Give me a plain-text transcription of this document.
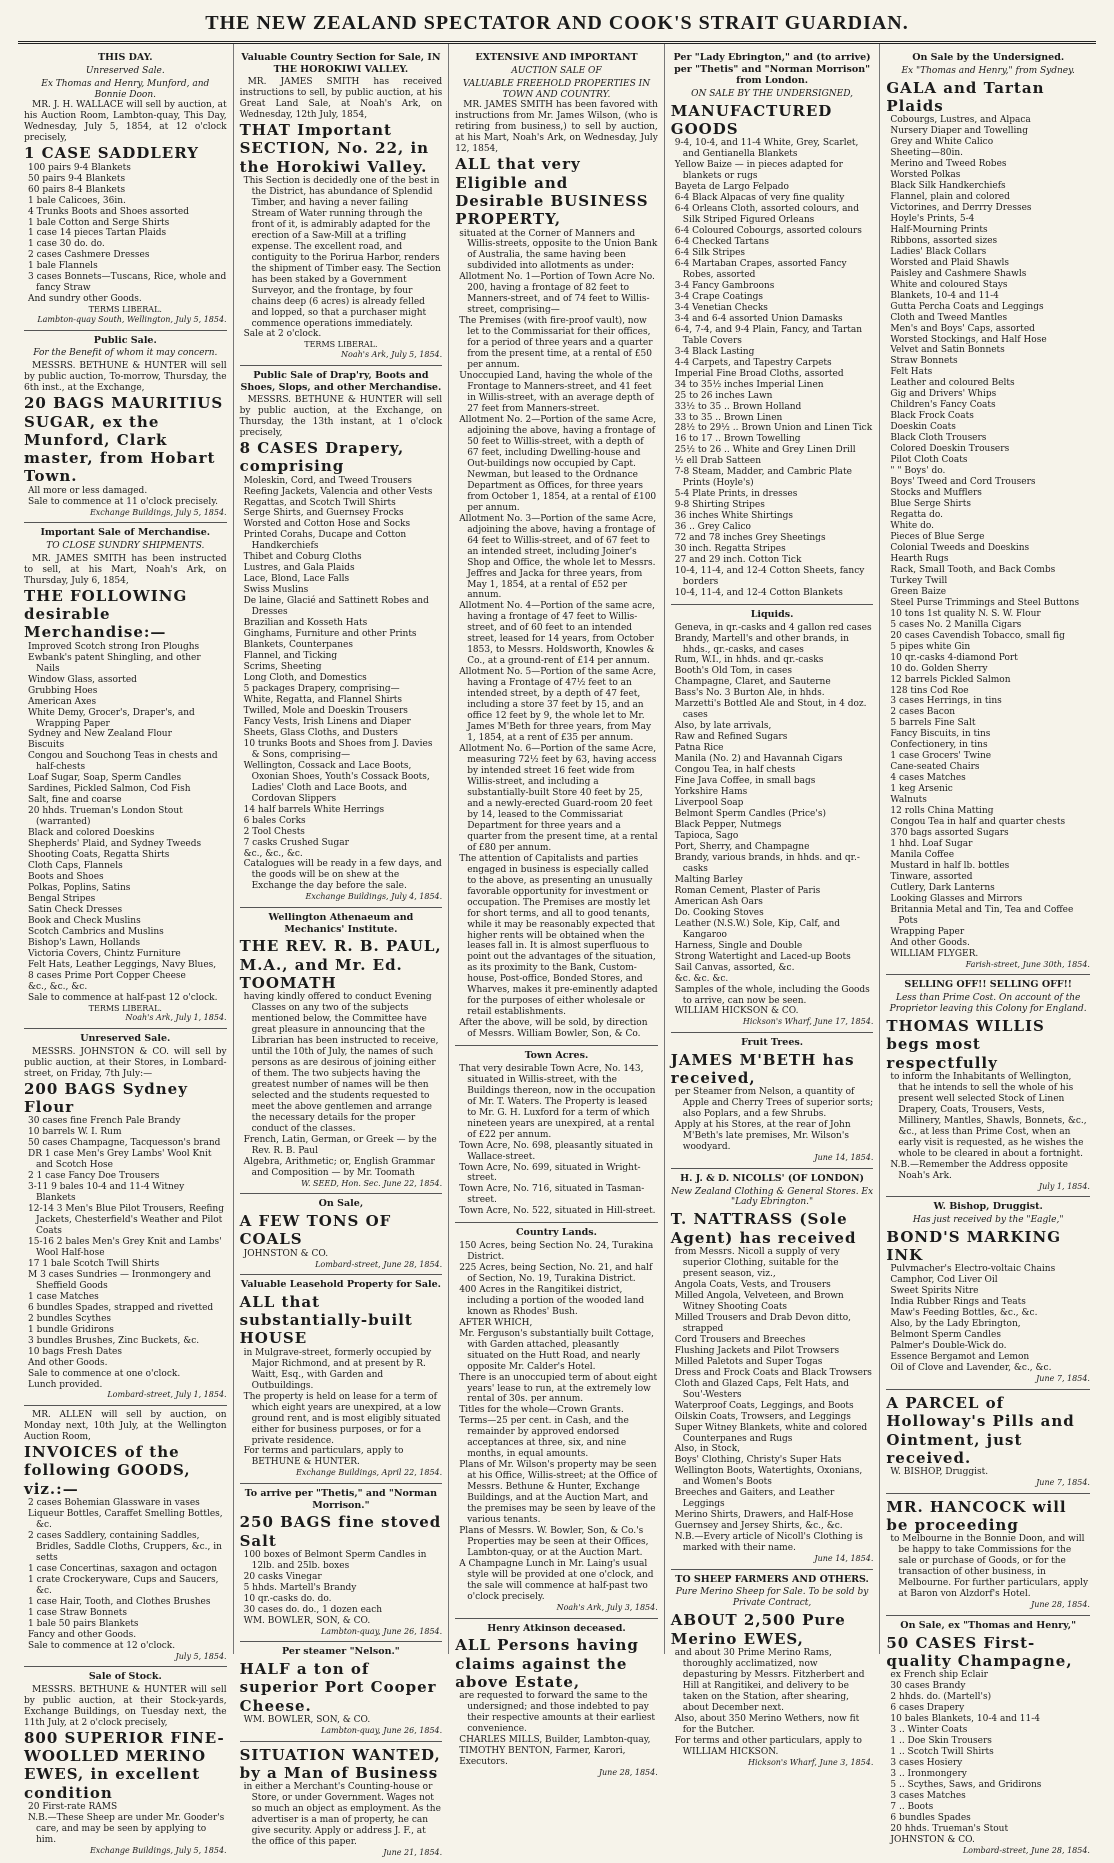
THE NEW ZEALAND SPECTATOR AND COOK'S STRAIT GUARDIAN.
THIS DAY.
Unreserved Sale.
Ex Thomas and Henry, Munford, and Bonnie Doon.
MR. J. H. WALLACE will sell by auction, at his Auction Room, Lambton-quay, This Day, Wednesday, July 5, 1854, at 12 o'clock precisely,
1 CASE SADDLERY
100 pairs 9-4 Blankets
50 pairs 9-4 Blankets
60 pairs 8-4 Blankets
1 bale Calicoes, 36in.
4 Trunks Boots and Shoes assorted
1 bale Cotton and Serge Shirts
1 case 14 pieces Tartan Plaids
1 case 30 do. do.
2 cases Cashmere Dresses
1 bale Flannels
3 cases Bonnets—Tuscans, Rice, whole and fancy Straw
And sundry other Goods.
TERMS LIBERAL.
Lambton-quay South, Wellington, July 5, 1854.
Public Sale.
For the Benefit of whom it may concern.
MESSRS. BETHUNE & HUNTER will sell by public auction, To-morrow, Thursday, the 6th inst., at the Exchange,
20 BAGS MAURITIUS SUGAR, ex the Munford, Clark master, from Hobart Town.
All more or less damaged.
Sale to commence at 11 o'clock precisely.
Exchange Buildings, July 5, 1854.
Important Sale of Merchandise.
TO CLOSE SUNDRY SHIPMENTS.
MR. JAMES SMITH has been instructed to sell, at his Mart, Noah's Ark, on Thursday, July 6, 1854,
THE FOLLOWING desirable Merchandise:—
Improved Scotch strong Iron Ploughs
Ewbank's patent Shingling, and other Nails
Window Glass, assorted
Grubbing Hoes
American Axes
White Demy, Grocer's, Draper's, and Wrapping Paper
Sydney and New Zealand Flour
Biscuits
Congou and Souchong Teas in chests and half-chests
Loaf Sugar, Soap, Sperm Candles
Sardines, Pickled Salmon, Cod Fish
Salt, fine and coarse
20 hhds. Trueman's London Stout (warranted)
Black and colored Doeskins
Shepherds' Plaid, and Sydney Tweeds
Shooting Coats, Regatta Shirts
Cloth Caps, Flannels
Boots and Shoes
Polkas, Poplins, Satins
Bengal Stripes
Satin Check Dresses
Book and Check Muslins
Scotch Cambrics and Muslins
Bishop's Lawn, Hollands
Victoria Covers, Chintz Furniture
Felt Hats, Leather Leggings, Navy Blues,
8 cases Prime Port Copper Cheese
&c., &c., &c.
Sale to commence at half-past 12 o'clock.
TERMS LIBERAL.
Noah's Ark, July 1, 1854.
Unreserved Sale.
MESSRS. JOHNSTON & CO. will sell by public auction, at their Stores, in Lombard-street, on Friday, 7th July:—
200 BAGS Sydney Flour
30 cases fine French Pale Brandy
10 barrels W. I. Rum
50 cases Champagne, Tacquesson's brand
DR 1 case Men's Grey Lambs' Wool Knit and Scotch Hose
2 1 case Fancy Doe Trousers
3-11 9 bales 10-4 and 11-4 Witney Blankets
12-14 3 Men's Blue Pilot Trousers, Reefing Jackets, Chesterfield's Weather and Pilot Coats
15-16 2 bales Men's Grey Knit and Lambs' Wool Half-hose
17 1 bale Scotch Twill Shirts
M 3 cases Sundries — Ironmongery and Sheffield Goods
1 case Matches
6 bundles Spades, strapped and rivetted
2 bundles Scythes
1 bundle Gridirons
3 bundles Brushes, Zinc Buckets, &c.
10 bags Fresh Dates
And other Goods.
Sale to commence at one o'clock.
Lunch provided.
Lombard-street, July 1, 1854.
MR. ALLEN will sell by auction, on Monday next, 10th July, at the Wellington Auction Room,
INVOICES of the following GOODS, viz.:—
2 cases Bohemian Glassware in vases
Liqueur Bottles, Caraffet Smelling Bottles, &c.
2 cases Saddlery, containing Saddles, Bridles, Saddle Cloths, Cruppers, &c., in setts
1 case Concertinas, saxagon and octagon
1 crate Crockeryware, Cups and Saucers, &c.
1 case Hair, Tooth, and Clothes Brushes
1 case Straw Bonnets
1 bale 50 pairs Blankets
Fancy and other Goods.
Sale to commence at 12 o'clock.
July 5, 1854.
Sale of Stock.
MESSRS. BETHUNE & HUNTER will sell by public auction, at their Stock-yards, Exchange Buildings, on Tuesday next, the 11th July, at 2 o'clock precisely,
800 SUPERIOR FINE-WOOLLED MERINO EWES, in excellent condition
20 First-rate RAMS
N.B.—These Sheep are under Mr. Gooder's care, and may be seen by applying to him.
Exchange Buildings, July 5, 1854.
Valuable Country Section for Sale, IN THE HOROKIWI VALLEY.
MR. JAMES SMITH has received instructions to sell, by public auction, at his Great Land Sale, at Noah's Ark, on Wednesday, 12th July, 1854,
THAT Important SECTION, No. 22, in the Horokiwi Valley.
This Section is decidedly one of the best in the District, has abundance of Splendid Timber, and having a never failing Stream of Water running through the front of it, is admirably adapted for the erection of a Saw-Mill at a trifling expense. The excellent road, and contiguity to the Porirua Harbor, renders the shipment of Timber easy. The Section has been staked by a Government Surveyor, and the frontage, by four chains deep (6 acres) is already felled and lopped, so that a purchaser might commence operations immediately.
Sale at 2 o'clock.
TERMS LIBERAL.
Noah's Ark, July 5, 1854.
Public Sale of Drap'ry, Boots and Shoes, Slops, and other Merchandise.
MESSRS. BETHUNE & HUNTER will sell by public auction, at the Exchange, on Thursday, the 13th instant, at 1 o'clock precisely,
8 CASES Drapery, comprising
Moleskin, Cord, and Tweed Trousers
Reefing Jackets, Valencia and other Vests
Regattas, and Scotch Twill Shirts
Serge Shirts, and Guernsey Frocks
Worsted and Cotton Hose and Socks
Printed Corahs, Ducape and Cotton Handkerchiefs
Thibet and Coburg Cloths
Lustres, and Gala Plaids
Lace, Blond, Lace Falls
Swiss Muslins
De laine, Glacié and Sattinett Robes and Dresses
Brazilian and Kosseth Hats
Ginghams, Furniture and other Prints
Blankets, Counterpanes
Flannel, and Ticking
Scrims, Sheeting
Long Cloth, and Domestics
5 packages Drapery, comprising—
White, Regatta, and Flannel Shirts
Twilled, Mole and Doeskin Trousers
Fancy Vests, Irish Linens and Diaper
Sheets, Glass Cloths, and Dusters
10 trunks Boots and Shoes from J. Davies & Sons, comprising—
Wellington, Cossack and Lace Boots, Oxonian Shoes, Youth's Cossack Boots, Ladies' Cloth and Lace Boots, and Cordovan Slippers
14 half barrels White Herrings
6 bales Corks
2 Tool Chests
7 casks Crushed Sugar
&c., &c., &c.
Catalogues will be ready in a few days, and the goods will be on shew at the Exchange the day before the sale.
Exchange Buildings, July 4, 1854.
Wellington Athenaeum and Mechanics' Institute.
THE REV. R. B. PAUL, M.A., and Mr. Ed. TOOMATH
having kindly offered to conduct Evening Classes on any two of the subjects mentioned below, the Committee have great pleasure in announcing that the Librarian has been instructed to receive, until the 10th of July, the names of such persons as are desirous of joining either of them. The two subjects having the greatest number of names will be then selected and the students requested to meet the above gentlemen and arrange the necessary details for the proper conduct of the classes.
French, Latin, German, or Greek — by the Rev. R. B. Paul
Algebra, Arithmetic; or, English Grammar and Composition — by Mr. Toomath
W. SEED, Hon. Sec. June 22, 1854.
On Sale,
A FEW TONS OF COALS
JOHNSTON & CO.
Lombard-street, June 28, 1854.
Valuable Leasehold Property for Sale.
ALL that substantially-built HOUSE
in Mulgrave-street, formerly occupied by Major Richmond, and at present by R. Waitt, Esq., with Garden and Outbuildings.
The property is held on lease for a term of which eight years are unexpired, at a low ground rent, and is most eligibly situated either for business purposes, or for a private residence.
For terms and particulars, apply to BETHUNE & HUNTER.
Exchange Buildings, April 22, 1854.
To arrive per "Thetis," and "Norman Morrison."
250 BAGS fine stoved Salt
100 boxes of Belmont Sperm Candles in 12lb. and 25lb. boxes
20 casks Vinegar
5 hhds. Martell's Brandy
10 qr.-casks do. do.
30 cases do. do., 1 dozen each
WM. BOWLER, SON, & CO.
Lambton-quay, June 26, 1854.
Per steamer "Nelson."
HALF a ton of superior Port Cooper Cheese.
WM. BOWLER, SON, & CO.
Lambton-quay, June 26, 1854.
SITUATION WANTED, by a Man of Business
in either a Merchant's Counting-house or Store, or under Government. Wages not so much an object as employment. As the advertiser is a man of property, he can give security. Apply or address J. F., at the office of this paper.
June 21, 1854.
EXTENSIVE AND IMPORTANT
AUCTION SALE OF
VALUABLE FREEHOLD PROPERTIES IN TOWN AND COUNTRY.
MR. JAMES SMITH has been favored with instructions from Mr. James Wilson, (who is retiring from business,) to sell by auction, at his Mart, Noah's Ark, on Wednesday, July 12, 1854,
ALL that very Eligible and Desirable BUSINESS PROPERTY,
situated at the Corner of Manners and Willis-streets, opposite to the Union Bank of Australia, the same having been subdivided into allotments as under:
Allotment No. 1—Portion of Town Acre No. 200, having a frontage of 82 feet to Manners-street, and of 74 feet to Willis-street, comprising—
The Premises (with fire-proof vault), now let to the Commissariat for their offices, for a period of three years and a quarter from the present time, at a rental of £50 per annum.
Unoccupied Land, having the whole of the Frontage to Manners-street, and 41 feet in Willis-street, with an average depth of 27 feet from Manners-street.
Allotment No. 2—Portion of the same Acre, adjoining the above, having a frontage of 50 feet to Willis-street, with a depth of 67 feet, including Dwelling-house and Out-buildings now occupied by Capt. Newman, but leased to the Ordnance Department as Offices, for three years from October 1, 1854, at a rental of £100 per annum.
Allotment No. 3—Portion of the same Acre, adjoining the above, having a frontage of 64 feet to Willis-street, and of 67 feet to an intended street, including Joiner's Shop and Office, the whole let to Messrs. Jeffres and Jacka for three years, from May 1, 1854, at a rental of £52 per annum.
Allotment No. 4—Portion of the same acre, having a frontage of 47 feet to Willis-street, and of 60 feet to an intended street, leased for 14 years, from October 1853, to Messrs. Holdsworth, Knowles & Co., at a ground-rent of £14 per annum.
Allotment No. 5—Portion of the same Acre, having a Frontage of 47½ feet to an intended street, by a depth of 47 feet, including a store 37 feet by 15, and an office 12 feet by 9, the whole let to Mr. James M'Beth for three years, from May 1, 1854, at a rent of £35 per annum.
Allotment No. 6—Portion of the same Acre, measuring 72½ feet by 63, having access by intended street 16 feet wide from Willis-street, and including a substantially-built Store 40 feet by 25, and a newly-erected Guard-room 20 feet by 14, leased to the Commissariat Department for three years and a quarter from the present time, at a rental of £80 per annum.
The attention of Capitalists and parties engaged in business is especially called to the above, as presenting an unusually favorable opportunity for investment or occupation. The Premises are mostly let for short terms, and all to good tenants, while it may be reasonably expected that higher rents will be obtained when the leases fall in. It is almost superfluous to point out the advantages of the situation, as its proximity to the Bank, Custom-house, Post-office, Bonded Stores, and Wharves, makes it pre-eminently adapted for the purposes of either wholesale or retail establishments.
After the above, will be sold, by direction of Messrs. William Bowler, Son, & Co.
Town Acres.
That very desirable Town Acre, No. 143, situated in Willis-street, with the Buildings thereon, now in the occupation of Mr. T. Waters. The Property is leased to Mr. G. H. Luxford for a term of which nineteen years are unexpired, at a rental of £22 per annum.
Town Acre, No. 698, pleasantly situated in Wallace-street.
Town Acre, No. 699, situated in Wright-street.
Town Acre, No. 716, situated in Tasman-street.
Town Acre, No. 522, situated in Hill-street.
Country Lands.
150 Acres, being Section No. 24, Turakina District.
225 Acres, being Section, No. 21, and half of Section, No. 19, Turakina District.
400 Acres in the Rangitikei district, including a portion of the wooded land known as Rhodes' Bush.
AFTER WHICH,
Mr. Ferguson's substantially built Cottage, with Garden attached, pleasantly situated on the Hutt Road, and nearly opposite Mr. Calder's Hotel.
There is an unoccupied term of about eight years' lease to run, at the extremely low rental of 30s. per annum.
Titles for the whole—Crown Grants.
Terms—25 per cent. in Cash, and the remainder by approved endorsed acceptances at three, six, and nine months, in equal amounts.
Plans of Mr. Wilson's property may be seen at his Office, Willis-street; at the Office of Messrs. Bethune & Hunter, Exchange Buildings, and at the Auction Mart, and the premises may be seen by leave of the various tenants.
Plans of Messrs. W. Bowler, Son, & Co.'s Properties may be seen at their Offices, Lambton-quay, or at the Auction Mart.
A Champagne Lunch in Mr. Laing's usual style will be provided at one o'clock, and the sale will commence at half-past two o'clock precisely.
Noah's Ark, July 3, 1854.
Henry Atkinson deceased.
ALL Persons having claims against the above Estate,
are requested to forward the same to the undersigned; and those indebted to pay their respective amounts at their earliest convenience.
CHARLES MILLS, Builder, Lambton-quay,
TIMOTHY BENTON, Farmer, Karori,
Executors.
June 28, 1854.
Per "Lady Ebrington," and (to arrive) per "Thetis" and "Norman Morrison" from London.
ON SALE BY THE UNDERSIGNED,
MANUFACTURED GOODS
9-4, 10-4, and 11-4 White, Grey, Scarlet, and Gentianella Blankets
Yellow Baize — in pieces adapted for blankets or rugs
Bayeta de Largo Felpado
6-4 Black Alpacas of very fine quality
6-4 Orleans Cloth, assorted colours, and Silk Striped Figured Orleans
6-4 Coloured Cobourgs, assorted colours
6-4 Checked Tartans
6-4 Silk Stripes
6-4 Martaban Crapes, assorted Fancy Robes, assorted
3-4 Fancy Gambroons
3-4 Crape Coatings
3-4 Venetian Checks
3-4 and 6-4 assorted Union Damasks
6-4, 7-4, and 9-4 Plain, Fancy, and Tartan Table Covers
3-4 Black Lasting
4-4 Carpets, and Tapestry Carpets
Imperial Fine Broad Cloths, assorted
34 to 35½ inches Imperial Linen
25 to 26 inches Lawn
33½ to 35 .. Brown Holland
33 to 35 .. Brown Linen
28½ to 29½ .. Brown Union and Linen Tick
16 to 17 .. Brown Towelling
25½ to 26 .. White and Grey Linen Drill
½ ell Drab Satteen
7-8 Steam, Madder, and Cambric Plate Prints (Hoyle's)
5-4 Plate Prints, in dresses
9-8 Shirting Stripes
36 inches White Shirtings
36 .. Grey Calico
72 and 78 inches Grey Sheetings
30 inch. Regatta Stripes
27 and 29 inch. Cotton Tick
10-4, 11-4, and 12-4 Cotton Sheets, fancy borders
10-4, 11-4, and 12-4 Cotton Blankets
Liquids.
Geneva, in qr.-casks and 4 gallon red cases
Brandy, Martell's and other brands, in hhds., qr.-casks, and cases
Rum, W.I., in hhds. and qr.-casks
Booth's Old Tom, in cases
Champagne, Claret, and Sauterne
Bass's No. 3 Burton Ale, in hhds.
Marzetti's Bottled Ale and Stout, in 4 doz. cases
Also, by late arrivals,
Raw and Refined Sugars
Patna Rice
Manila (No. 2) and Havannah Cigars
Congou Tea, in half chests
Fine Java Coffee, in small bags
Yorkshire Hams
Liverpool Soap
Belmont Sperm Candles (Price's)
Black Pepper, Nutmegs
Tapioca, Sago
Port, Sherry, and Champagne
Brandy, various brands, in hhds. and qr.-casks
Malting Barley
Roman Cement, Plaster of Paris
American Ash Oars
Do. Cooking Stoves
Leather (N.S.W.) Sole, Kip, Calf, and Kangaroo
Harness, Single and Double
Strong Watertight and Laced-up Boots
Sail Canvas, assorted, &c.
&c. &c. &c.
Samples of the whole, including the Goods to arrive, can now be seen.
WILLIAM HICKSON & CO.
Hickson's Wharf, June 17, 1854.
Fruit Trees.
JAMES M'BETH has received,
per Steamer from Nelson, a quantity of Apple and Cherry Trees of superior sorts; also Poplars, and a few Shrubs.
Apply at his Stores, at the rear of John M'Beth's late premises, Mr. Wilson's woodyard.
June 14, 1854.
H. J. & D. NICOLLS' (OF LONDON)
New Zealand Clothing & General Stores. Ex "Lady Ebrington."
T. NATTRASS (Sole Agent) has received
from Messrs. Nicoll a supply of very superior Clothing, suitable for the present season, viz.,
Angola Coats, Vests, and Trousers
Milled Angola, Velveteen, and Brown Witney Shooting Coats
Milled Trousers and Drab Devon ditto, strapped
Cord Trousers and Breeches
Flushing Jackets and Pilot Trowsers
Milled Paletots and Super Togas
Dress and Frock Coats and Black Trowsers
Cloth and Glazed Caps, Felt Hats, and Sou'-Westers
Waterproof Coats, Leggings, and Boots
Oilskin Coats, Trowsers, and Leggings
Super Witney Blankets, white and colored Counterpanes and Rugs
Also, in Stock,
Boys' Clothing, Christy's Super Hats
Wellington Boots, Watertights, Oxonians, and Women's Boots
Breeches and Gaiters, and Leather Leggings
Merino Shirts, Drawers, and Half-Hose
Guernsey and Jersey Shirts, &c., &c.
N.B.—Every article of Nicoll's Clothing is marked with their name.
June 14, 1854.
TO SHEEP FARMERS AND OTHERS.
Pure Merino Sheep for Sale. To be sold by Private Contract,
ABOUT 2,500 Pure Merino EWES,
and about 30 Prime Merino Rams, thoroughly acclimatized, now depasturing by Messrs. Fitzherbert and Hill at Rangitikei, and delivery to be taken on the Station, after shearing, about December next.
Also, about 350 Merino Wethers, now fit for the Butcher.
For terms and other particulars, apply to WILLIAM HICKSON.
Hickson's Wharf, June 3, 1854.
On Sale by the Undersigned.
Ex "Thomas and Henry," from Sydney.
GALA and Tartan Plaids
Cobourgs, Lustres, and Alpaca
Nursery Diaper and Towelling
Grey and White Calico
Sheeting—80in.
Merino and Tweed Robes
Worsted Polkas
Black Silk Handkerchiefs
Flannel, plain and colored
Victorines, and Derrry Dresses
Hoyle's Prints, 5-4
Half-Mourning Prints
Ribbons, assorted sizes
Ladies' Black Collars
Worsted and Plaid Shawls
Paisley and Cashmere Shawls
White and coloured Stays
Blankets, 10-4 and 11-4
Gutta Percha Coats and Leggings
Cloth and Tweed Mantles
Men's and Boys' Caps, assorted
Worsted Stockings, and Half Hose
Velvet and Satin Bonnets
Straw Bonnets
Felt Hats
Leather and coloured Belts
Gig and Drivers' Whips
Children's Fancy Coats
Black Frock Coats
Doeskin Coats
Black Cloth Trousers
Colored Doeskin Trousers
Pilot Cloth Coats
" " Boys' do.
Boys' Tweed and Cord Trousers
Stocks and Mufflers
Blue Serge Shirts
Regatta do.
White do.
Pieces of Blue Serge
Colonial Tweeds and Doeskins
Hearth Rugs
Rack, Small Tooth, and Back Combs
Turkey Twill
Green Baize
Steel Purse Trimmings and Steel Buttons
10 tons 1st quality N. S. W. Flour
5 cases No. 2 Manilla Cigars
20 cases Cavendish Tobacco, small fig
5 pipes white Gin
10 qr.-casks 4-diamond Port
10 do. Golden Sherry
12 barrels Pickled Salmon
128 tins Cod Roe
3 cases Herrings, in tins
2 cases Bacon
5 barrels Fine Salt
Fancy Biscuits, in tins
Confectionery, in tins
1 case Grocers' Twine
Cane-seated Chairs
4 cases Matches
1 keg Arsenic
Walnuts
12 rolls China Matting
Congou Tea in half and quarter chests
370 bags assorted Sugars
1 hhd. Loaf Sugar
Manila Coffee
Mustard in half lb. bottles
Tinware, assorted
Cutlery, Dark Lanterns
Looking Glasses and Mirrors
Britannia Metal and Tin, Tea and Coffee Pots
Wrapping Paper
And other Goods.
WILLIAM FLYGER.
Farish-street, June 30th, 1854.
SELLING OFF!! SELLING OFF!!
Less than Prime Cost. On account of the Proprietor leaving this Colony for England.
THOMAS WILLIS begs most respectfully
to inform the Inhabitants of Wellington, that he intends to sell the whole of his present well selected Stock of Linen Drapery, Coats, Trousers, Vests, Millinery, Mantles, Shawls, Bonnets, &c., &c., at less than Prime Cost, when an early visit is requested, as he wishes the whole to be cleared in about a fortnight.
N.B.—Remember the Address opposite Noah's Ark.
July 1, 1854.
W. Bishop, Druggist.
Has just received by the "Eagle,"
BOND'S MARKING INK
Pulvmacher's Electro-voltaic Chains
Camphor, Cod Liver Oil
Sweet Spirits Nitre
India Rubber Rings and Teats
Maw's Feeding Bottles, &c., &c.
Also, by the Lady Ebrington,
Belmont Sperm Candles
Palmer's Double-Wick do.
Essence Bergamot and Lemon
Oil of Clove and Lavender, &c., &c.
June 7, 1854.
A PARCEL of Holloway's Pills and Ointment, just received.
W. BISHOP, Druggist.
June 7, 1854.
MR. HANCOCK will be proceeding
to Melbourne in the Bonnie Doon, and will be happy to take Commissions for the sale or purchase of Goods, or for the transaction of other business, in Melbourne. For further particulars, apply at Baron von Alzdorf's Hotel.
June 28, 1854.
On Sale, ex "Thomas and Henry,"
50 CASES First-quality Champagne,
ex French ship Eclair
30 cases Brandy
2 hhds. do. (Martell's)
6 cases Drapery
10 bales Blankets, 10-4 and 11-4
3 .. Winter Coats
1 .. Doe Skin Trousers
1 .. Scotch Twill Shirts
3 cases Hosiery
3 .. Ironmongery
5 .. Scythes, Saws, and Gridirons
3 cases Matches
7 .. Boots
6 bundles Spades
20 hhds. Trueman's Stout
JOHNSTON & CO.
Lombard-street, June 28, 1854.
